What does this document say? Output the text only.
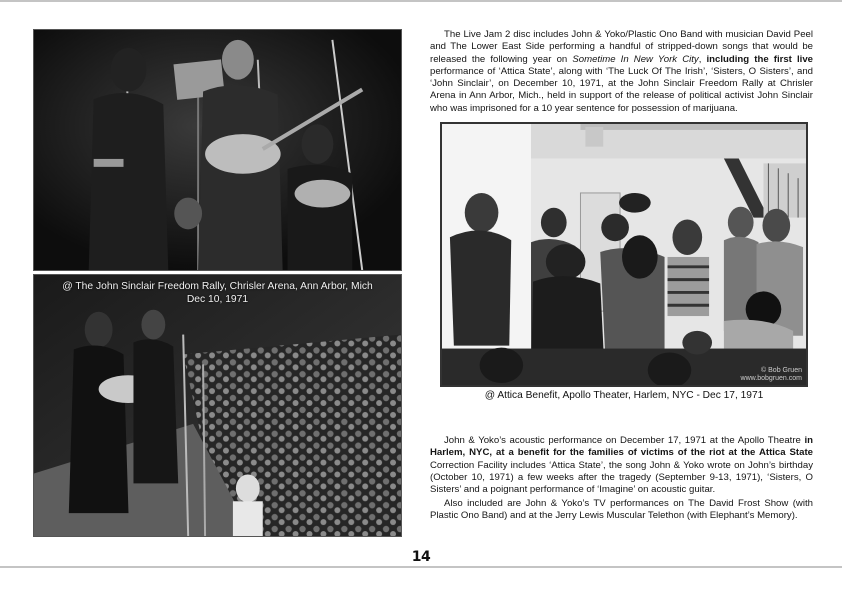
@ The John Sinclair Freedom Rally, Chrisler Arena, Ann Arbor, Mich
Dec 10, 1971

The Live Jam 2 disc includes John & Yoko/Plastic Ono Band with musician David Peel and The Lower East Side performing a handful of stripped-down songs that would be released the following year on Sometime In New York City, including the first live performance of ‘Attica State’, along with ‘The Luck Of The Irish’, ‘Sisters, O Sisters’, and ‘John Sinclair’, on December 10, 1971, at the John Sinclair Freedom Rally at Chrisler Arena in Ann Arbor, Mich., held in support of the release of political activist John Sinclair who was imprisoned for a 10 year sentence for possession of marijuana.

© Bob Gruen
www.bobgruen.com
@ Attica Benefit, Apollo Theater, Harlem, NYC - Dec 17, 1971

John & Yoko’s acoustic performance on December 17, 1971 at the Apollo Theatre in Harlem, NYC, at a benefit for the families of victims of the riot at the Attica State Correction Facility includes ‘Attica State’, the song John & Yoko wrote on John’s birthday (October 10, 1971) a few weeks after the tragedy (September 9-13, 1971), ‘Sisters, O Sisters’ and a poignant performance of ‘Imagine’ on acoustic guitar.

Also included are John & Yoko’s TV performances on The David Frost Show (with Plastic Ono Band) and at the Jerry Lewis Muscular Telethon (with Elephant’s Memory).

14
